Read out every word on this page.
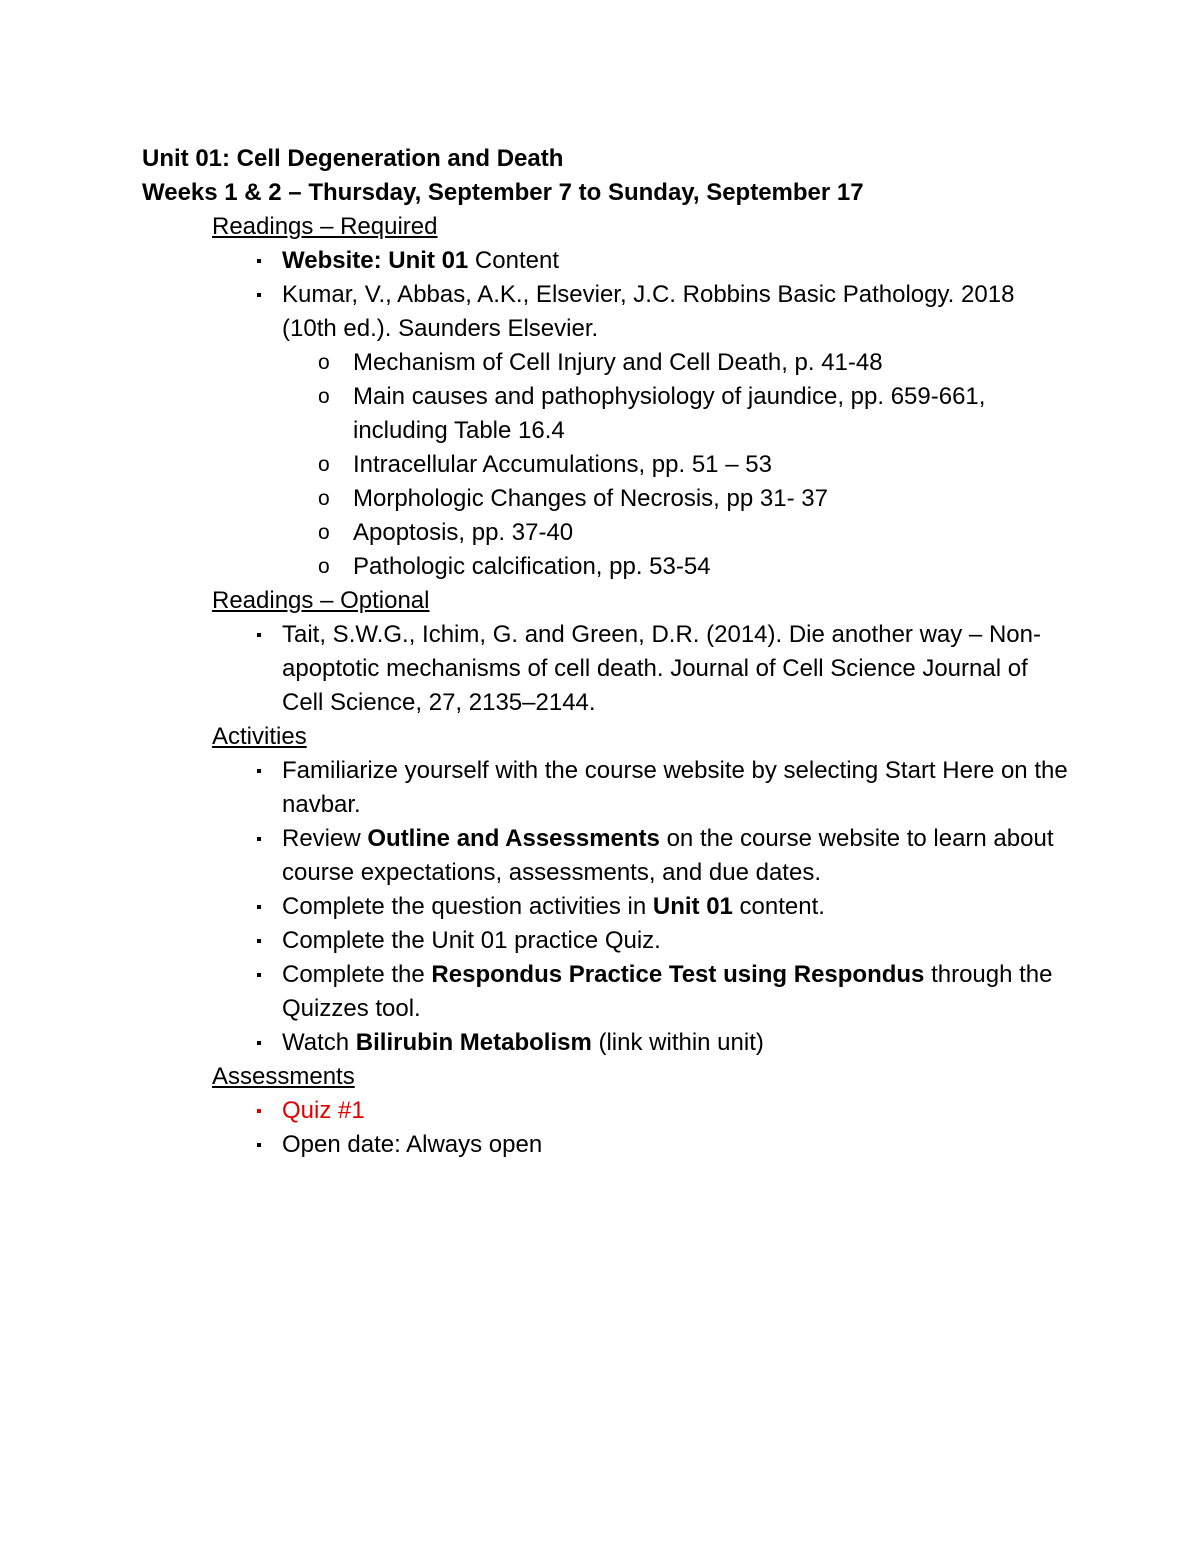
Unit 01: Cell Degeneration and Death

Weeks 1 & 2 – Thursday, September 7 to Sunday, September 17

Readings – Required

Website: Unit 01 Content
Kumar, V., Abbas, A.K., Elsevier, J.C. Robbins Basic Pathology. 2018 (10th ed.). Saunders Elsevier.
o Mechanism of Cell Injury and Cell Death, p. 41-48
o Main causes and pathophysiology of jaundice, pp. 659-661, including Table 16.4
o Intracellular Accumulations, pp. 51 – 53
o Morphologic Changes of Necrosis, pp 31- 37
o Apoptosis, pp. 37-40
o Pathologic calcification, pp. 53-54

Readings – Optional

Tait, S.W.G., Ichim, G. and Green, D.R. (2014). Die another way – Non-apoptotic mechanisms of cell death. Journal of Cell Science Journal of Cell Science, 27, 2135–2144.

Activities

Familiarize yourself with the course website by selecting Start Here on the navbar.
Review Outline and Assessments on the course website to learn about course expectations, assessments, and due dates.
Complete the question activities in Unit 01 content.
Complete the Unit 01 practice Quiz.
Complete the Respondus Practice Test using Respondus through the Quizzes tool.
Watch Bilirubin Metabolism (link within unit)

Assessments

Quiz #1
Open date: Always open
